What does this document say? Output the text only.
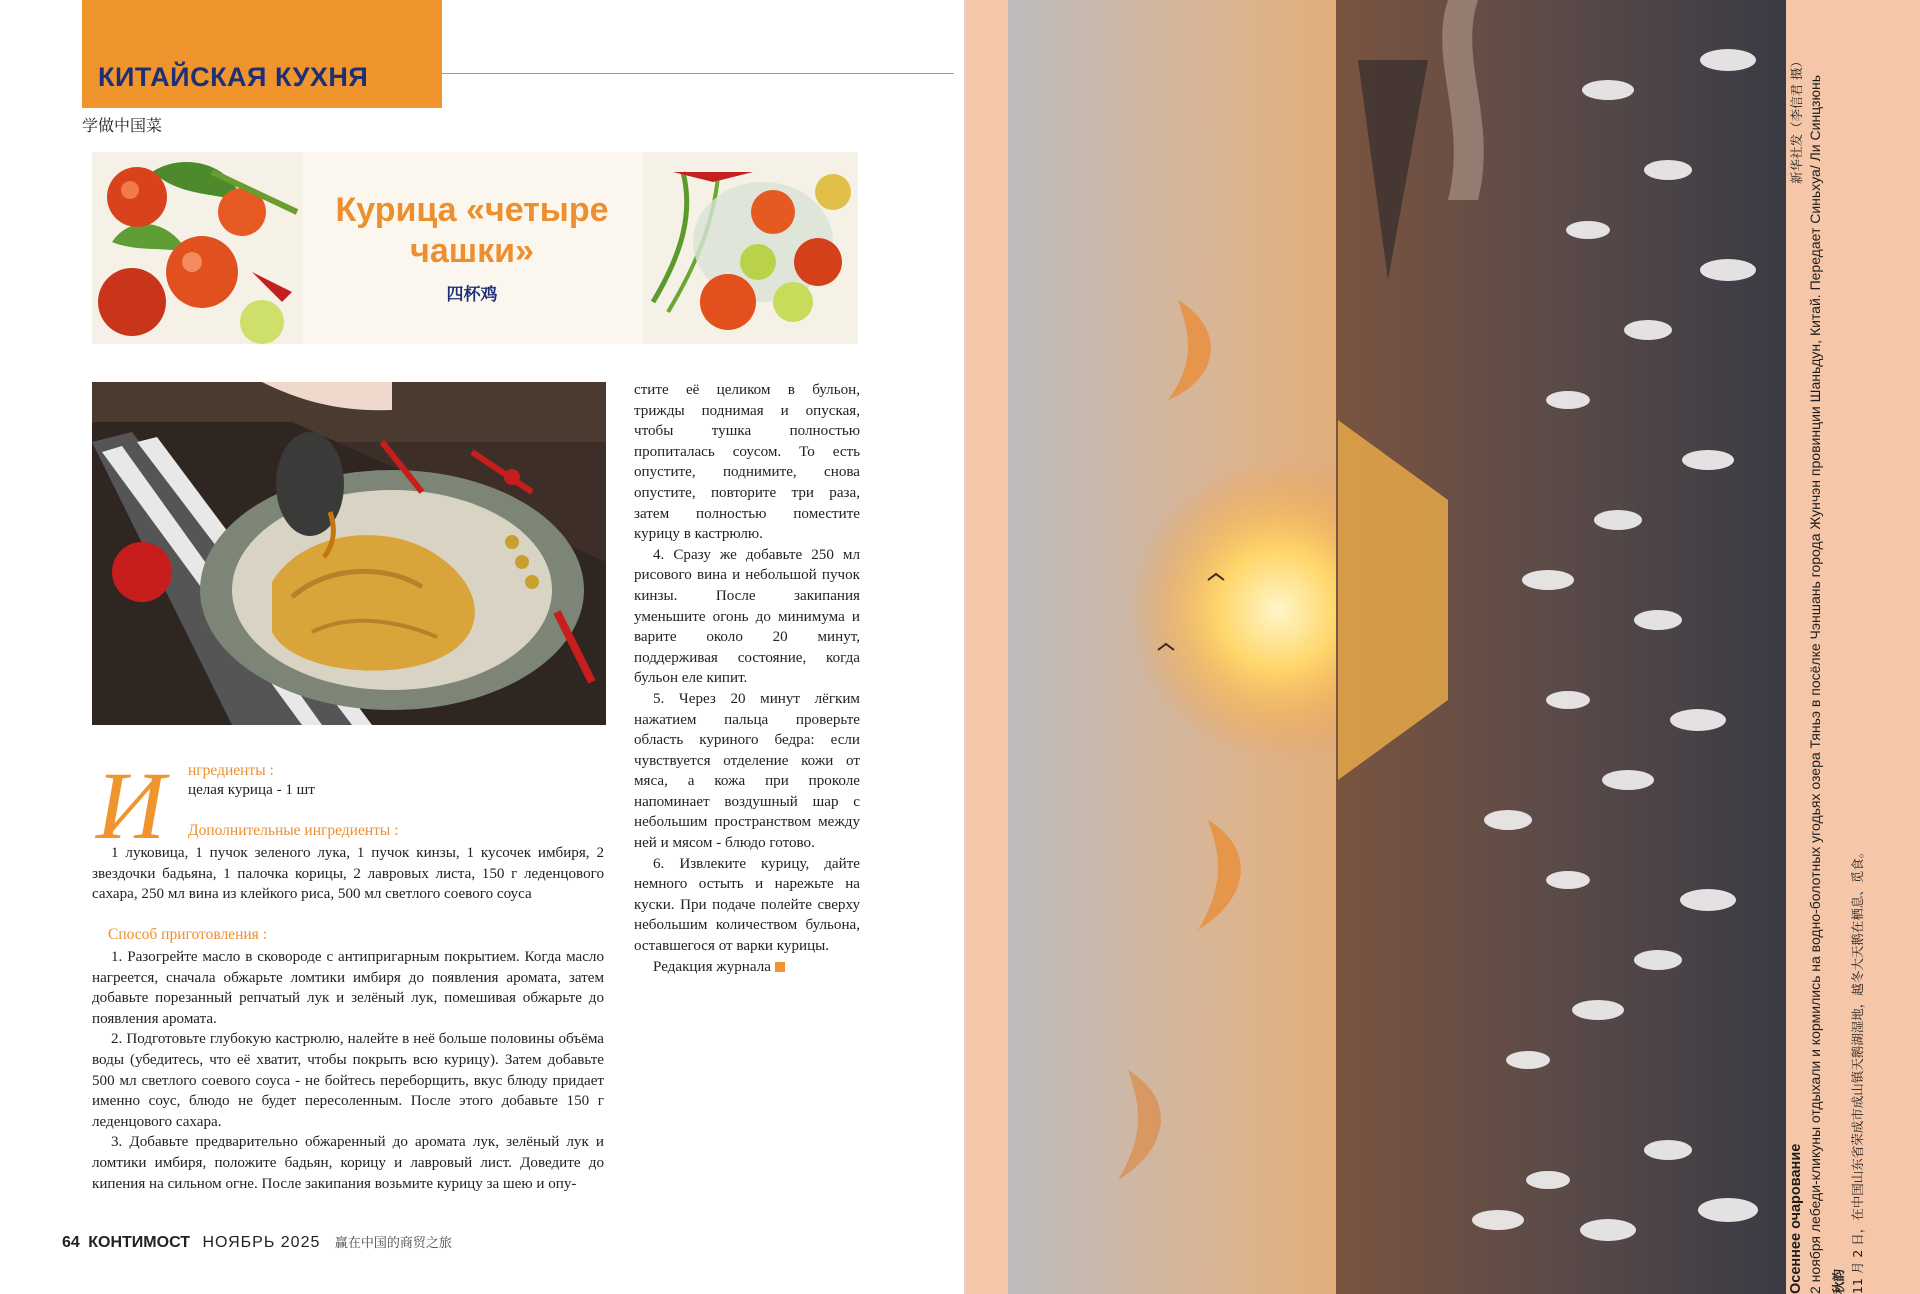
КИТАЙСКАЯ КУХНЯ
学做中国菜
Курица «четыре чашки»
四杯鸡

стите её целиком в бульон, трижды поднимая и опуская, чтобы тушка полностью пропиталась соусом. То есть опустите, поднимите, снова опустите, повторите три раза, затем полностью поместите курицу в кастрюлю.

4. Сразу же добавьте 250 мл рисового вина и небольшой пучок кинзы. После закипания уменьшите огонь до минимума и варите около 20 минут, поддерживая состояние, когда бульон еле кипит.

5. Через 20 минут лёгким нажатием пальца проверьте область куриного бедра: если чувствуется отделение кожи от мяса, а кожа при проколе напоминает воздушный шар с небольшим пространством между ней и мясом - блюдо готово.

6. Извлеките курицу, дайте немного остыть и нарежьте на куски. При подаче полейте сверху небольшим количеством бульона, оставшегося от варки курицы.

Редакция журнала

И нгредиенты :
целая курица - 1 шт
Дополнительные ингредиенты :

1 луковица, 1 пучок зеленого лука, 1 пучок кинзы, 1 кусочек имбиря, 2 звездочки бадьяна, 1 палочка корицы, 2 лавровых листа, 150 г леденцового сахара, 250 мл вина из клейкого риса, 500 мл светлого соевого соуса

Способ приготовления :

1. Разогрейте масло в сковороде с антипригарным покрытием. Когда масло нагреется, сначала обжарьте ломтики имбиря до появления аромата, затем добавьте порезанный репчатый лук и зелёный лук, помешивая обжарьте до появления аромата.

2. Подготовьте глубокую кастрюлю, налейте в неё больше половины объёма воды (убедитесь, что её хватит, чтобы покрыть всю курицу). Затем добавьте 500 мл светлого соевого соуса - не бойтесь переборщить, вкус блюду придает именно соус, блюдо не будет пересоленным. После этого добавьте 150 г леденцового сахара.

3. Добавьте предварительно обжаренный до аромата лук, зелёный лук и ломтики имбиря, положите бадьян, корицу и лавровый лист. Доведите до кипения на сильном огне. После закипания возьмите курицу за шею и опу-

64 КОНТИМОСТ НОЯБРЬ 2025 赢在中国的商贸之旅	Осеннее очарование 2 ноября лебеди-кликуны отдыхали и кормились на водно-болотных угодьях озера Тяньэ в посёлке Чэншань города Жунчэн провинции Шаньдун, Китай. Передает Синьхуа/ Ли Синцзюнь 秋韵 11 月 2 日，在中国山东省荣成市成山镇天鹅湖湿地，越冬大天鹅在栖息、觅食。
新华社发（李信君 摄）
